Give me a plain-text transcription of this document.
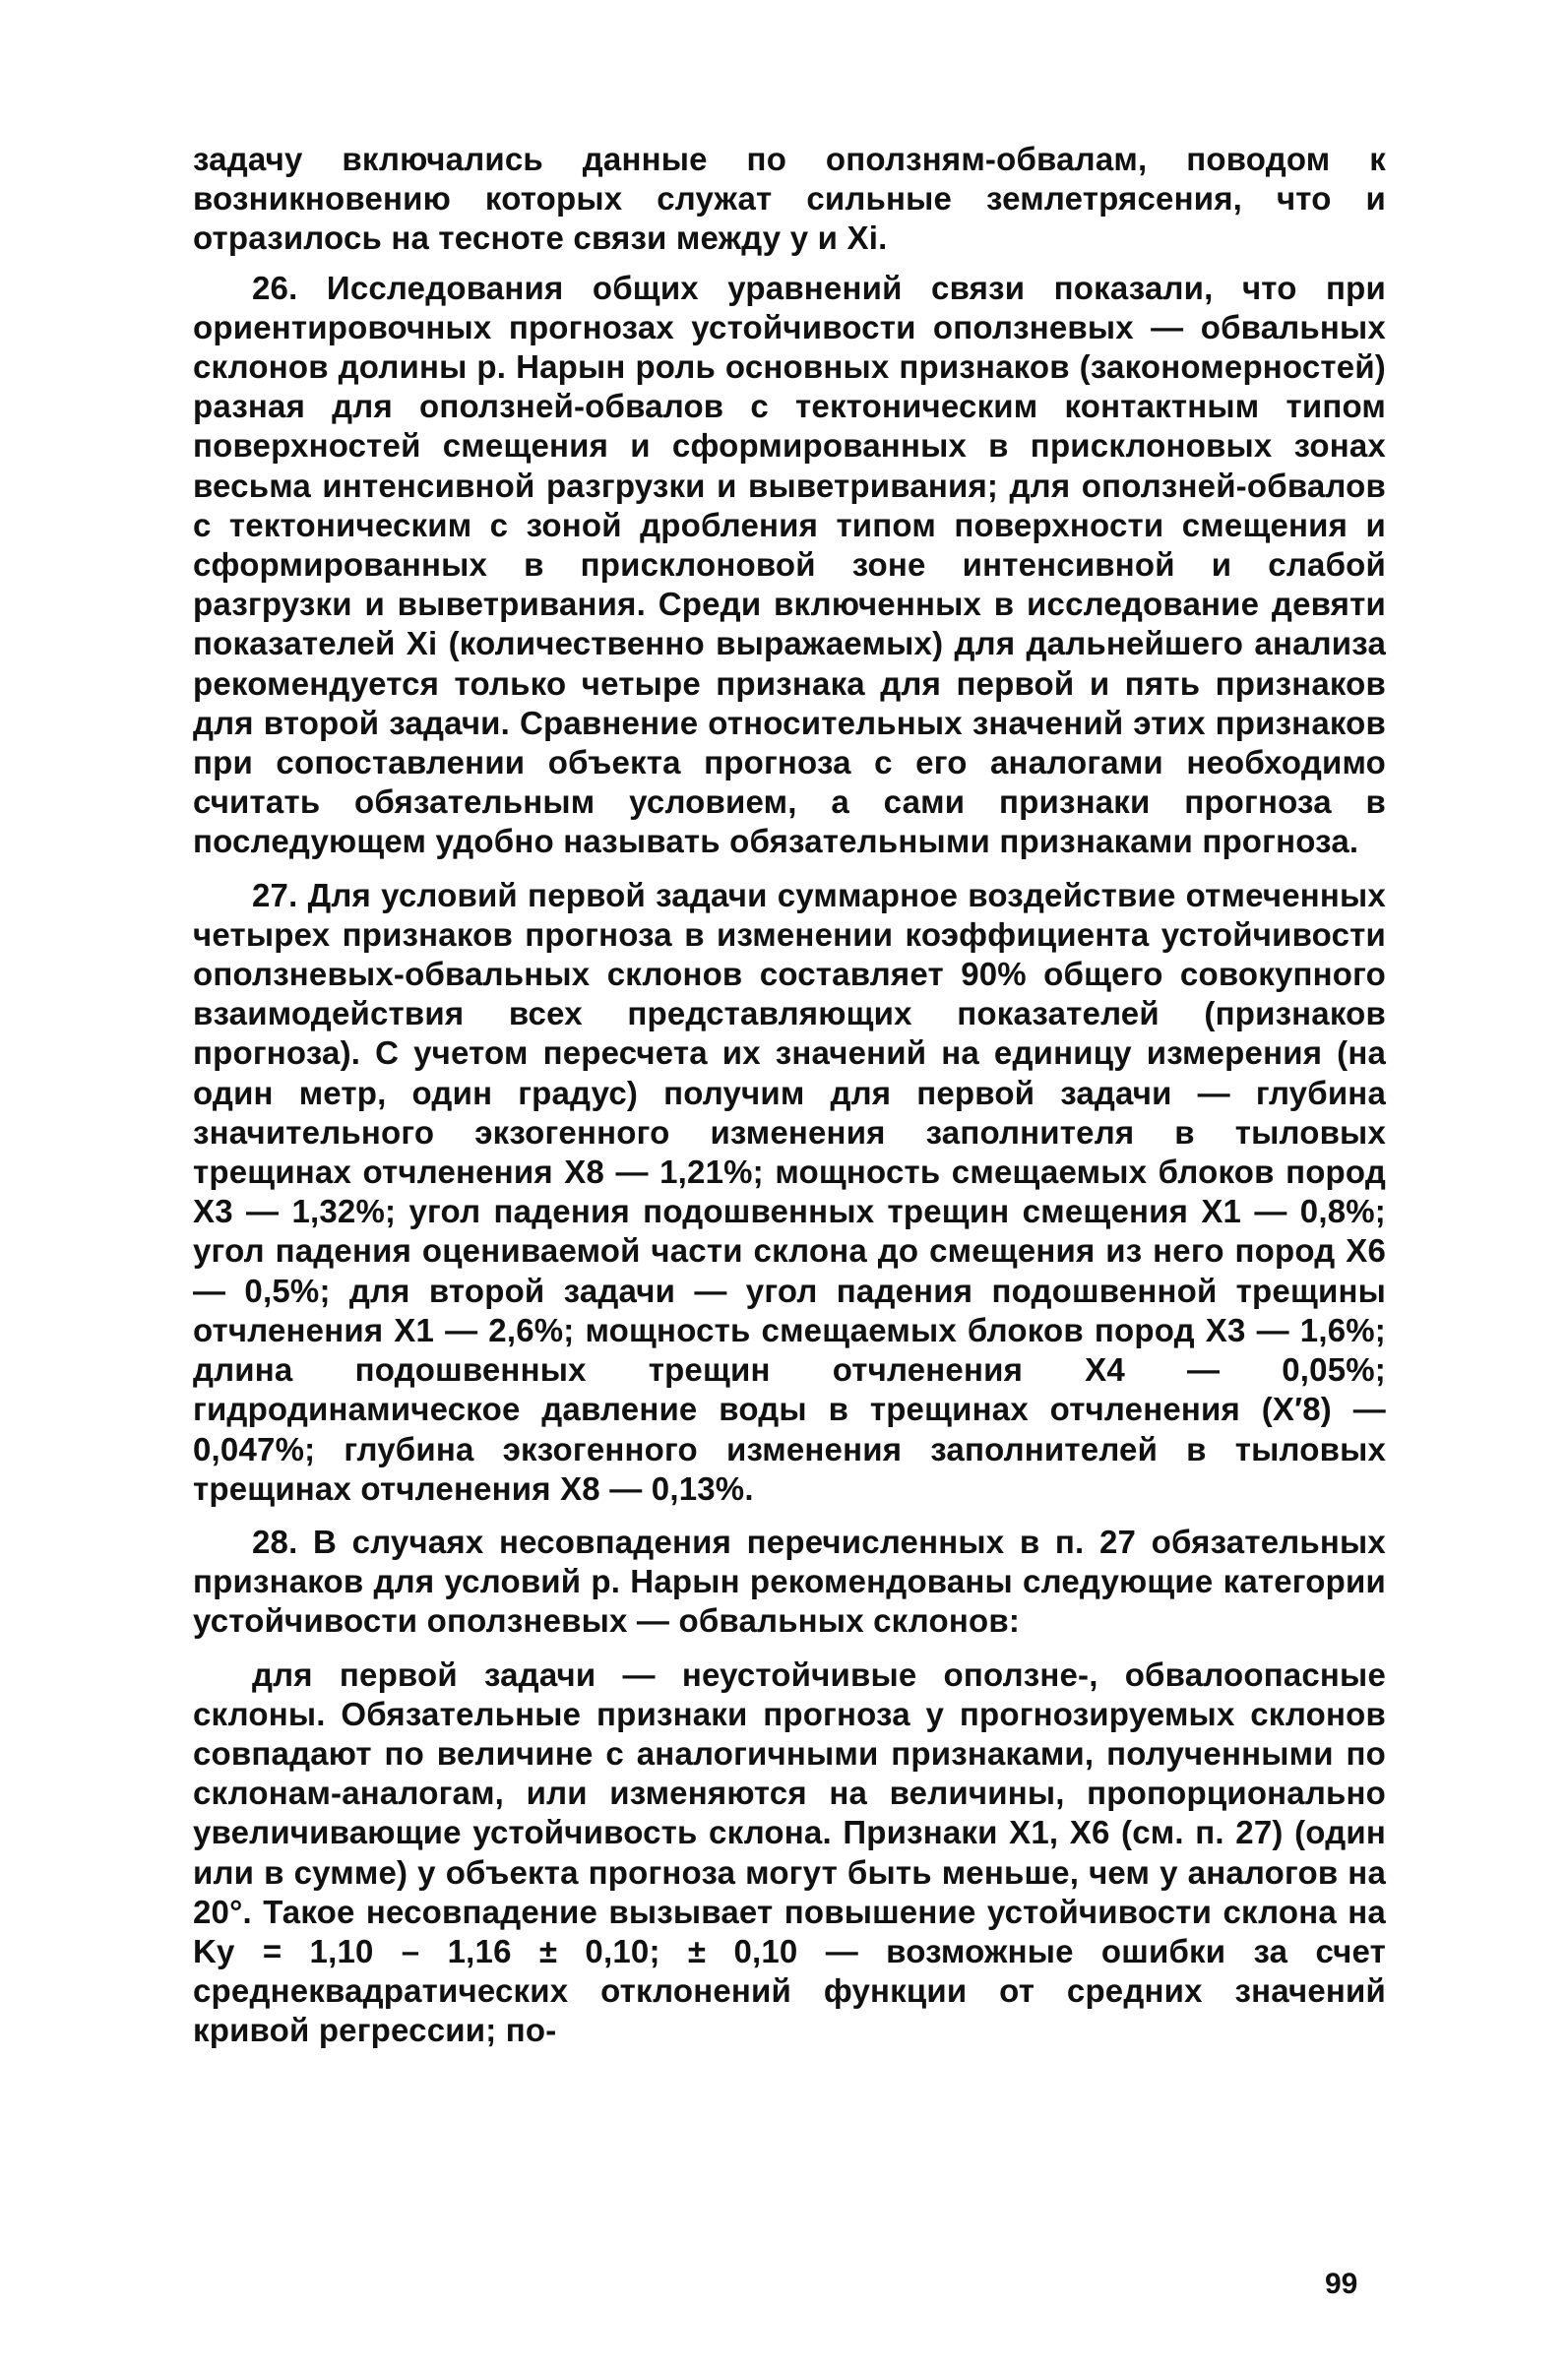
задачу включались данные по оползням-обвалам, поводом к возникновению которых служат сильные землетрясения, что и отразилось на тесноте связи между y и Xi.

26. Исследования общих уравнений связи показали, что при ориентировочных прогнозах устойчивости оползневых — обвальных склонов долины р. Нарын роль основных признаков (закономерностей) разная для оползней-обвалов с тектоническим контактным типом поверхностей смещения и сформированных в присклоновых зонах весьма интенсивной разгрузки и выветривания; для оползней-обвалов с тектоническим с зоной дробления типом поверхности смещения и сформированных в присклоновой зоне интенсивной и слабой разгрузки и выветривания. Среди включенных в исследование девяти показателей Xi (количественно выражаемых) для дальнейшего анализа рекомендуется только четыре признака для первой и пять признаков для второй задачи. Сравнение относительных значений этих признаков при сопоставлении объекта прогноза с его аналогами необходимо считать обязательным условием, а сами признаки прогноза в последующем удобно называть обязательными признаками прогноза.

27. Для условий первой задачи суммарное воздействие отмеченных четырех признаков прогноза в изменении коэффициента устойчивости оползневых-обвальных склонов составляет 90% общего совокупного взаимодействия всех представляющих показателей (признаков прогноза). С учетом пересчета их значений на единицу измерения (на один метр, один градус) получим для первой задачи — глубина значительного экзогенного изменения заполнителя в тыловых трещинах отчленения X8 — 1,21%; мощность смещаемых блоков пород X3 — 1,32%; угол падения подошвенных трещин смещения X1 — 0,8%; угол падения оцениваемой части склона до смещения из него пород X6 — 0,5%; для второй задачи — угол падения подошвенной трещины отчленения X1 — 2,6%; мощность смещаемых блоков пород X3 — 1,6%; длина подошвенных трещин отчленения X4 — 0,05%; гидродинамическое давление воды в трещинах отчленения (X′8) — 0,047%; глубина экзогенного изменения заполнителей в тыловых трещинах отчленения X8 — 0,13%.

28. В случаях несовпадения перечисленных в п. 27 обязательных признаков для условий р. Нарын рекомендованы следующие категории устойчивости оползневых — обвальных склонов:

для первой задачи — неустойчивые оползне-, обвалоопасные склоны. Обязательные признаки прогноза у прогнозируемых склонов совпадают по величине с аналогичными признаками, полученными по склонам-аналогам, или изменяются на величины, пропорционально увеличивающие устойчивость склона. Признаки X1, X6 (см. п. 27) (один или в сумме) у объекта прогноза могут быть меньше, чем у аналогов на 20°. Такое несовпадение вызывает повышение устойчивости склона на Ky = 1,10 – 1,16 ± 0,10; ± 0,10 — возможные ошибки за счет среднеквадратических отклонений функции от средних значений кривой регрессии; по-

99
